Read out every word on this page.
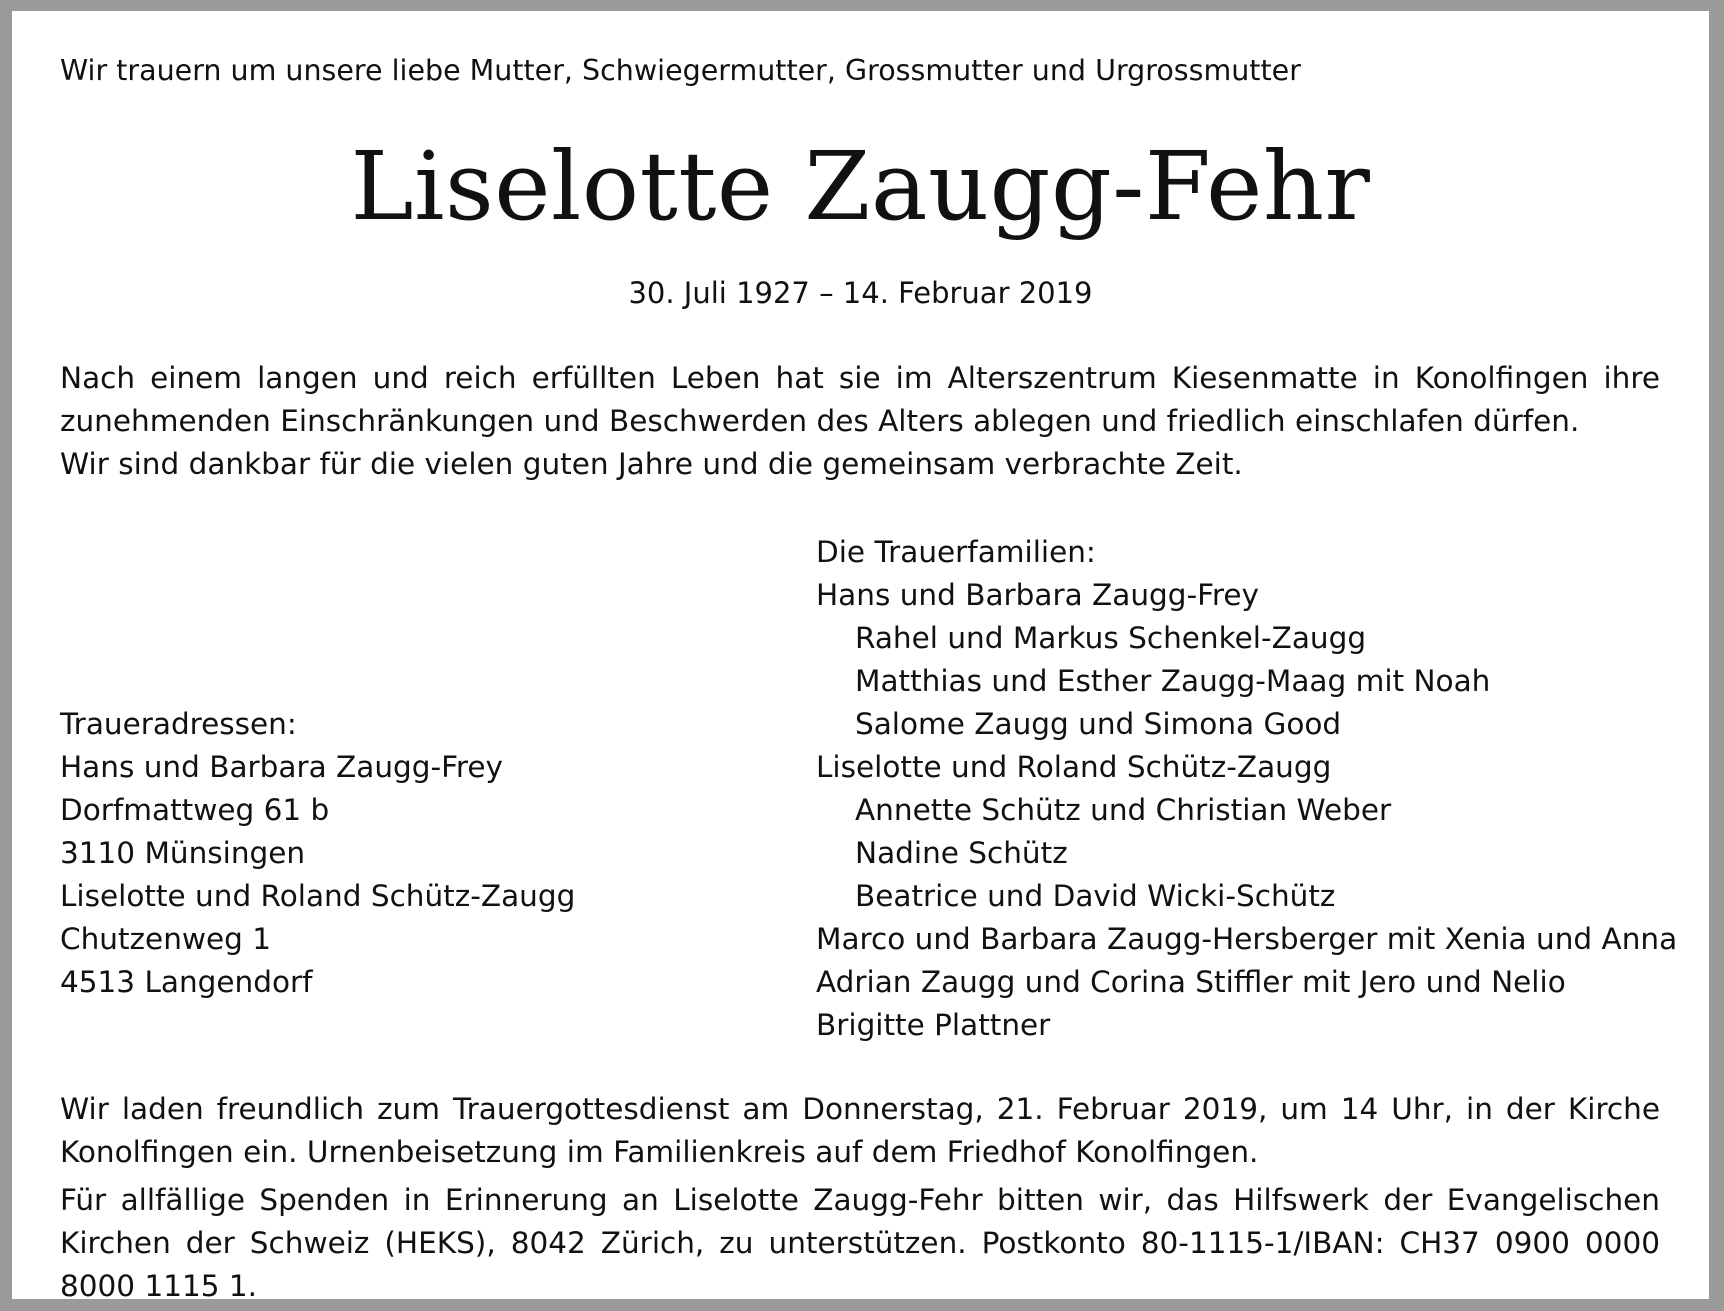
Wir trauern um unsere liebe Mutter, Schwiegermutter, Grossmutter und Urgrossmutter
Liselotte Zaugg-Fehr
30. Juli 1927 – 14. Februar 2019

Nach einem langen und reich erfüllten Leben hat sie im Alterszentrum Kiesenmatte in Konolfingen ihre zunehmenden Einschränkungen und Beschwerden des Alters ablegen und friedlich einschlafen dürfen.

Wir sind dankbar für die vielen guten Jahre und die gemeinsam verbrachte Zeit.

Traueradressen:
Hans und Barbara Zaugg-Frey
Dorfmattweg 61 b
3110 Münsingen
Liselotte und Roland Schütz-Zaugg
Chutzenweg 1
4513 Langendorf
Die Trauerfamilien:
Hans und Barbara Zaugg-Frey
Rahel und Markus Schenkel-Zaugg
Matthias und Esther Zaugg-Maag mit Noah
Salome Zaugg und Simona Good
Liselotte und Roland Schütz-Zaugg
Annette Schütz und Christian Weber
Nadine Schütz
Beatrice und David Wicki-Schütz
Marco und Barbara Zaugg-Hersberger mit Xenia und Anna
Adrian Zaugg und Corina Stiffler mit Jero und Nelio
Brigitte Plattner

Wir laden freundlich zum Trauergottesdienst am Donnerstag, 21. Februar 2019, um 14 Uhr, in der Kirche Konolfingen ein. Urnenbeisetzung im Familienkreis auf dem Friedhof Konolfingen.

Für allfällige Spenden in Erinnerung an Liselotte Zaugg-Fehr bitten wir, das Hilfswerk der Evangelischen Kirchen der Schweiz (HEKS), 8042 Zürich, zu unterstützen. Postkonto 80-1115-1/IBAN: CH37 0900 0000 8000 1115 1.
